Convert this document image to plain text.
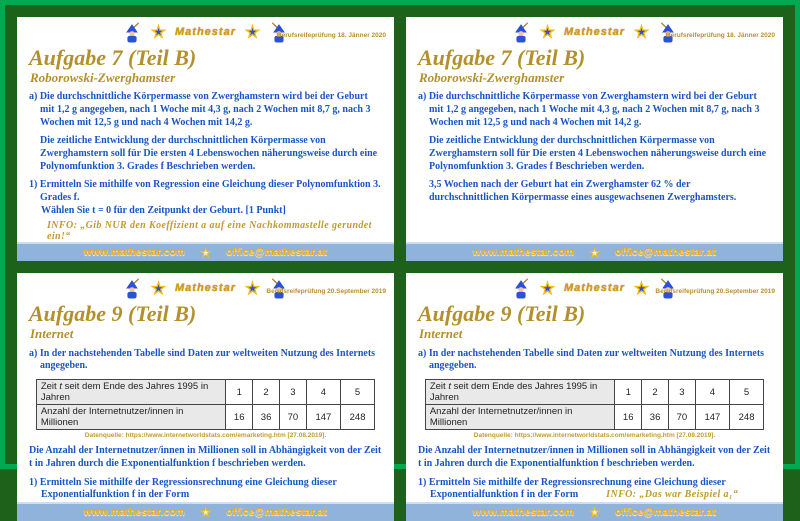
Mathestar	Berufsreifeprüfung 18. Jänner 2020
Aufgabe 7 (Teil B)
Roborowski-Zwerghamster

a) Die durchschnittliche Körpermasse von Zwerghamstern wird bei der Geburt mit 1,2 g angegeben, nach 1 Woche mit 4,3 g, nach 2 Wochen mit 8,7 g, nach 3 Wochen mit 12,5 g und nach 4 Wochen mit 14,2 g.

Die zeitliche Entwicklung der durchschnittlichen Körpermasse von Zwerghamstern soll für Die ersten 4 Lebenswochen näherungsweise durch eine Polynomfunktion 3. Grades f Beschrieben werden.

1) Ermitteln Sie mithilfe von Regression eine Gleichung dieser Polynomfunktion 3. Grades f.
Wählen Sie t = 0 für den Zeitpunkt der Geburt. [1 Punkt]

INFO: „Gib NUR den Koeffizient a auf eine Nachkommastelle gerundet ein!“

www.mathestar.com	office@mathestar.at
Mathestar	Berufsreifeprüfung 18. Jänner 2020
Aufgabe 7 (Teil B)
Roborowski-Zwerghamster

a) Die durchschnittliche Körpermasse von Zwerghamstern wird bei der Geburt mit 1,2 g angegeben, nach 1 Woche mit 4,3 g, nach 2 Wochen mit 8,7 g, nach 3 Wochen mit 12,5 g und nach 4 Wochen mit 14,2 g.

Die zeitliche Entwicklung der durchschnittlichen Körpermasse von Zwerghamstern soll für Die ersten 4 Lebenswochen näherungsweise durch eine Polynomfunktion 3. Grades f Beschrieben werden.

3,5 Wochen nach der Geburt hat ein Zwerghamster 62 % der durchschnittlichen Körpermasse eines ausgewachsenen Zwerghamsters.

www.mathestar.com	office@mathestar.at
Mathestar	Berufsreifeprüfung 20.September 2019
Aufgabe 9 (Teil B)
Internet

a) In der nachstehenden Tabelle sind Daten zur weltweiten Nutzung des Internets angegeben.

Zeit t seit dem Ende des Jahres 1995 in Jahren	1	2	3	4	5
Anzahl der Internetnutzer/innen in Millionen	16	36	70	147	248
Datenquelle: https://www.internetworldstats.com/emarketing.htm [27.08.2019].

Die Anzahl der Internetnutzer/innen in Millionen soll in Abhängigkeit von der Zeit t in Jahren durch die Exponentialfunktion f beschrieben werden.

1) Ermitteln Sie mithilfe der Regressionsrechnung eine Gleichung dieser
Exponentialfunktion f in der Form

www.mathestar.com	office@mathestar.at
Mathestar	Berufsreifeprüfung 20.September 2019
Aufgabe 9 (Teil B)
Internet

a) In der nachstehenden Tabelle sind Daten zur weltweiten Nutzung des Internets angegeben.

Zeit t seit dem Ende des Jahres 1995 in Jahren	1	2	3	4	5
Anzahl der Internetnutzer/innen in Millionen	16	36	70	147	248
Datenquelle: https://www.internetworldstats.com/emarketing.htm [27.08.2019].

Die Anzahl der Internetnutzer/innen in Millionen soll in Abhängigkeit von der Zeit t in Jahren durch die Exponentialfunktion f beschrieben werden.

1) Ermitteln Sie mithilfe der Regressionsrechnung eine Gleichung dieser
Exponentialfunktion f in der Form	INFO: „Das war Beispiel a₁“

www.mathestar.com	office@mathestar.at
